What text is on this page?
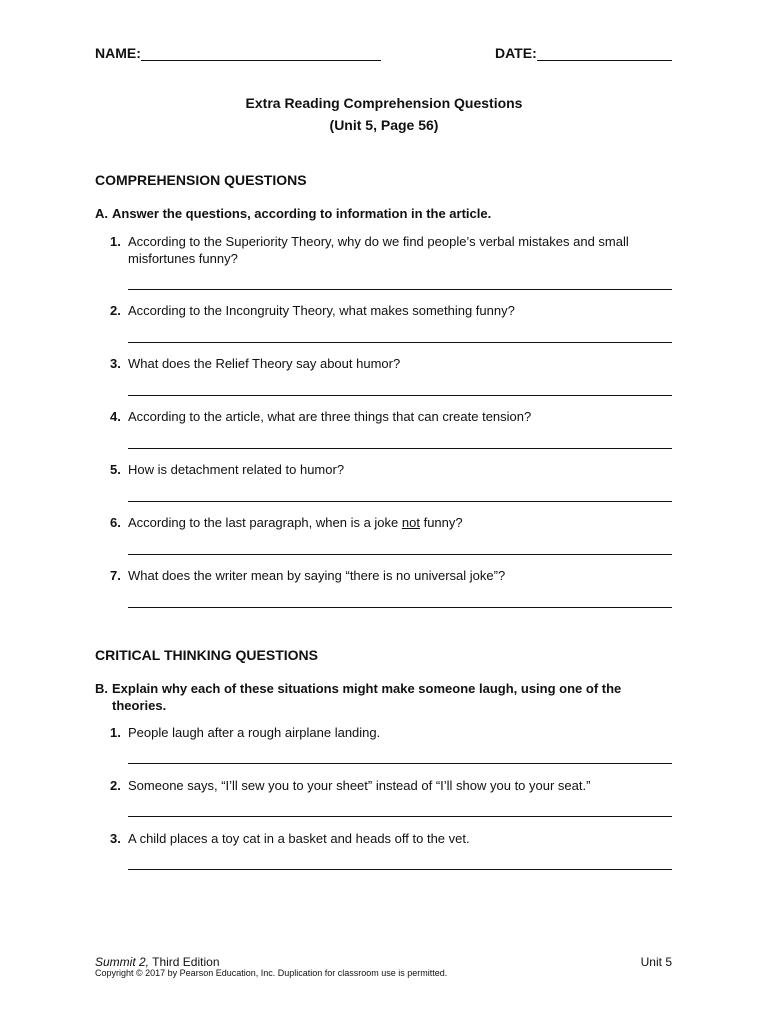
NAME:	DATE:
Extra Reading Comprehension Questions
(Unit 5, Page 56)
COMPREHENSION QUESTIONS
A. Answer the questions, according to information in the article.
1. According to the Superiority Theory, why do we find people’s verbal mistakes and small misfortunes funny?
2. According to the Incongruity Theory, what makes something funny?
3. What does the Relief Theory say about humor?
4. According to the article, what are three things that can create tension?
5. How is detachment related to humor?
6. According to the last paragraph, when is a joke not funny?
7. What does the writer mean by saying “there is no universal joke”?
CRITICAL THINKING QUESTIONS
B. Explain why each of these situations might make someone laugh, using one of the
theories.
1. People laugh after a rough airplane landing.
2. Someone says, “I’ll sew you to your sheet” instead of “I’ll show you to your seat.”
3. A child places a toy cat in a basket and heads off to the vet.
Summit 2, Third Edition	Unit 5
Copyright © 2017 by Pearson Education, Inc. Duplication for classroom use is permitted.
